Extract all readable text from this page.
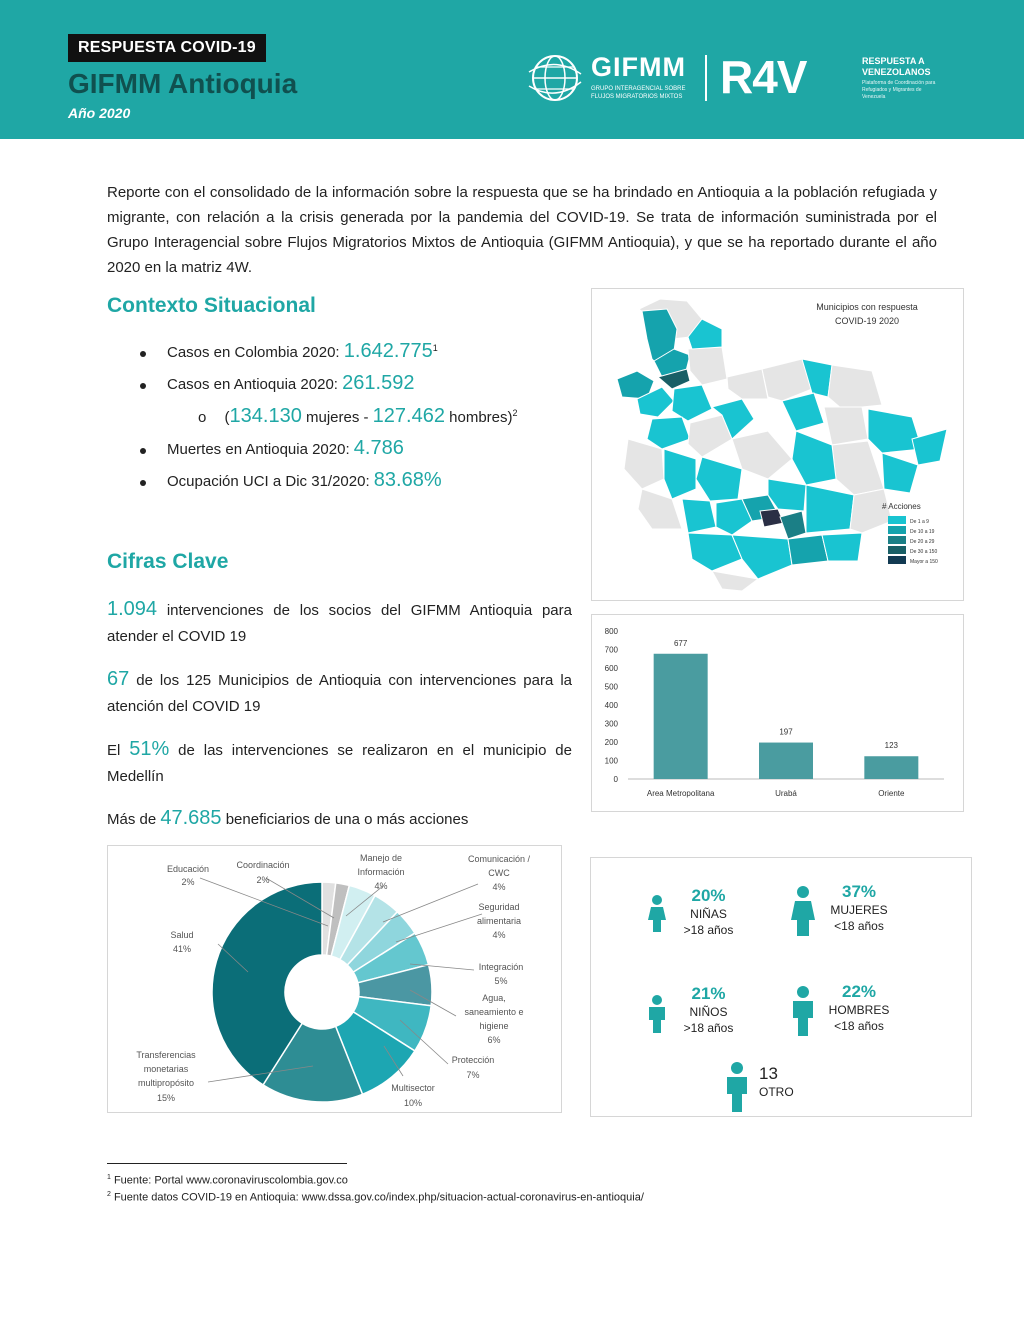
RESPUESTA COVID-19
GIFMM Antioquia
Año 2020
GIFMM
GRUPO INTERAGENCIAL SOBRE FLUJOS MIGRATORIOS MIXTOS R4V	RESPUESTA A VENEZOLANOS
Plataforma de Coordinación para Refugiados y Migrantes de Venezuela
Reporte con el consolidado de la información sobre la respuesta que se ha brindado en Antioquia a la población refugiada y migrante, con relación a la crisis generada por la pandemia del COVID-19. Se trata de información suministrada por el Grupo Interagencial sobre Flujos Migratorios Mixtos de Antioquia (GIFMM Antioquia), y que se ha reportado durante el año 2020 en la matriz 4W.
Contexto Situacional
Casos en Colombia 2020: 1.642.775$^1$
Casos en Antioquia 2020: 261.592
o (134.130 mujeres - 127.462 hombres)$^2$
Muertes en Antioquia 2020: 4.786
Ocupación UCI a Dic 31/2020: 83.68%
Cifras Clave
1.094 intervenciones de los socios del GIFMM Antioquia para atender el COVID 19
67 de los 125 Municipios de Antioquia con intervenciones para la atención del COVID 19
El 51% de las intervenciones se realizaron en el municipio de Medellín
Más de 47.685 beneficiarios de una o más acciones
Municipios con respuesta
COVID-19 2020
# Acciones
De 1 a 9
De 10 a 19
De 20 a 29
De 30 a 150
Mayor a 150
0
100
200
300
400
500
600
700
800
677
Area Metropolitana
197
Urabá
123
Oriente
Educación 2%
Coordinación 2%
Manejo de Información 4%
Comunicación / CWC 4%
Seguridad alimentaria 4%
Integración 5%
Agua, saneamiento e higiene 6%
Protección 7%
Multisector 10%
Transferencias monetarias multipropósito 15%
Salud 41%
20%
NIÑAS
>18 años
37%
MUJERES
<18 años
21%
NIÑOS
>18 años
22%
HOMBRES
<18 años
13
OTRO
$^1$ Fuente: Portal www.coronaviruscolombia.gov.co
$^2$ Fuente datos COVID-19 en Antioquia: www.dssa.gov.co/index.php/situacion-actual-coronavirus-en-antioquia/
